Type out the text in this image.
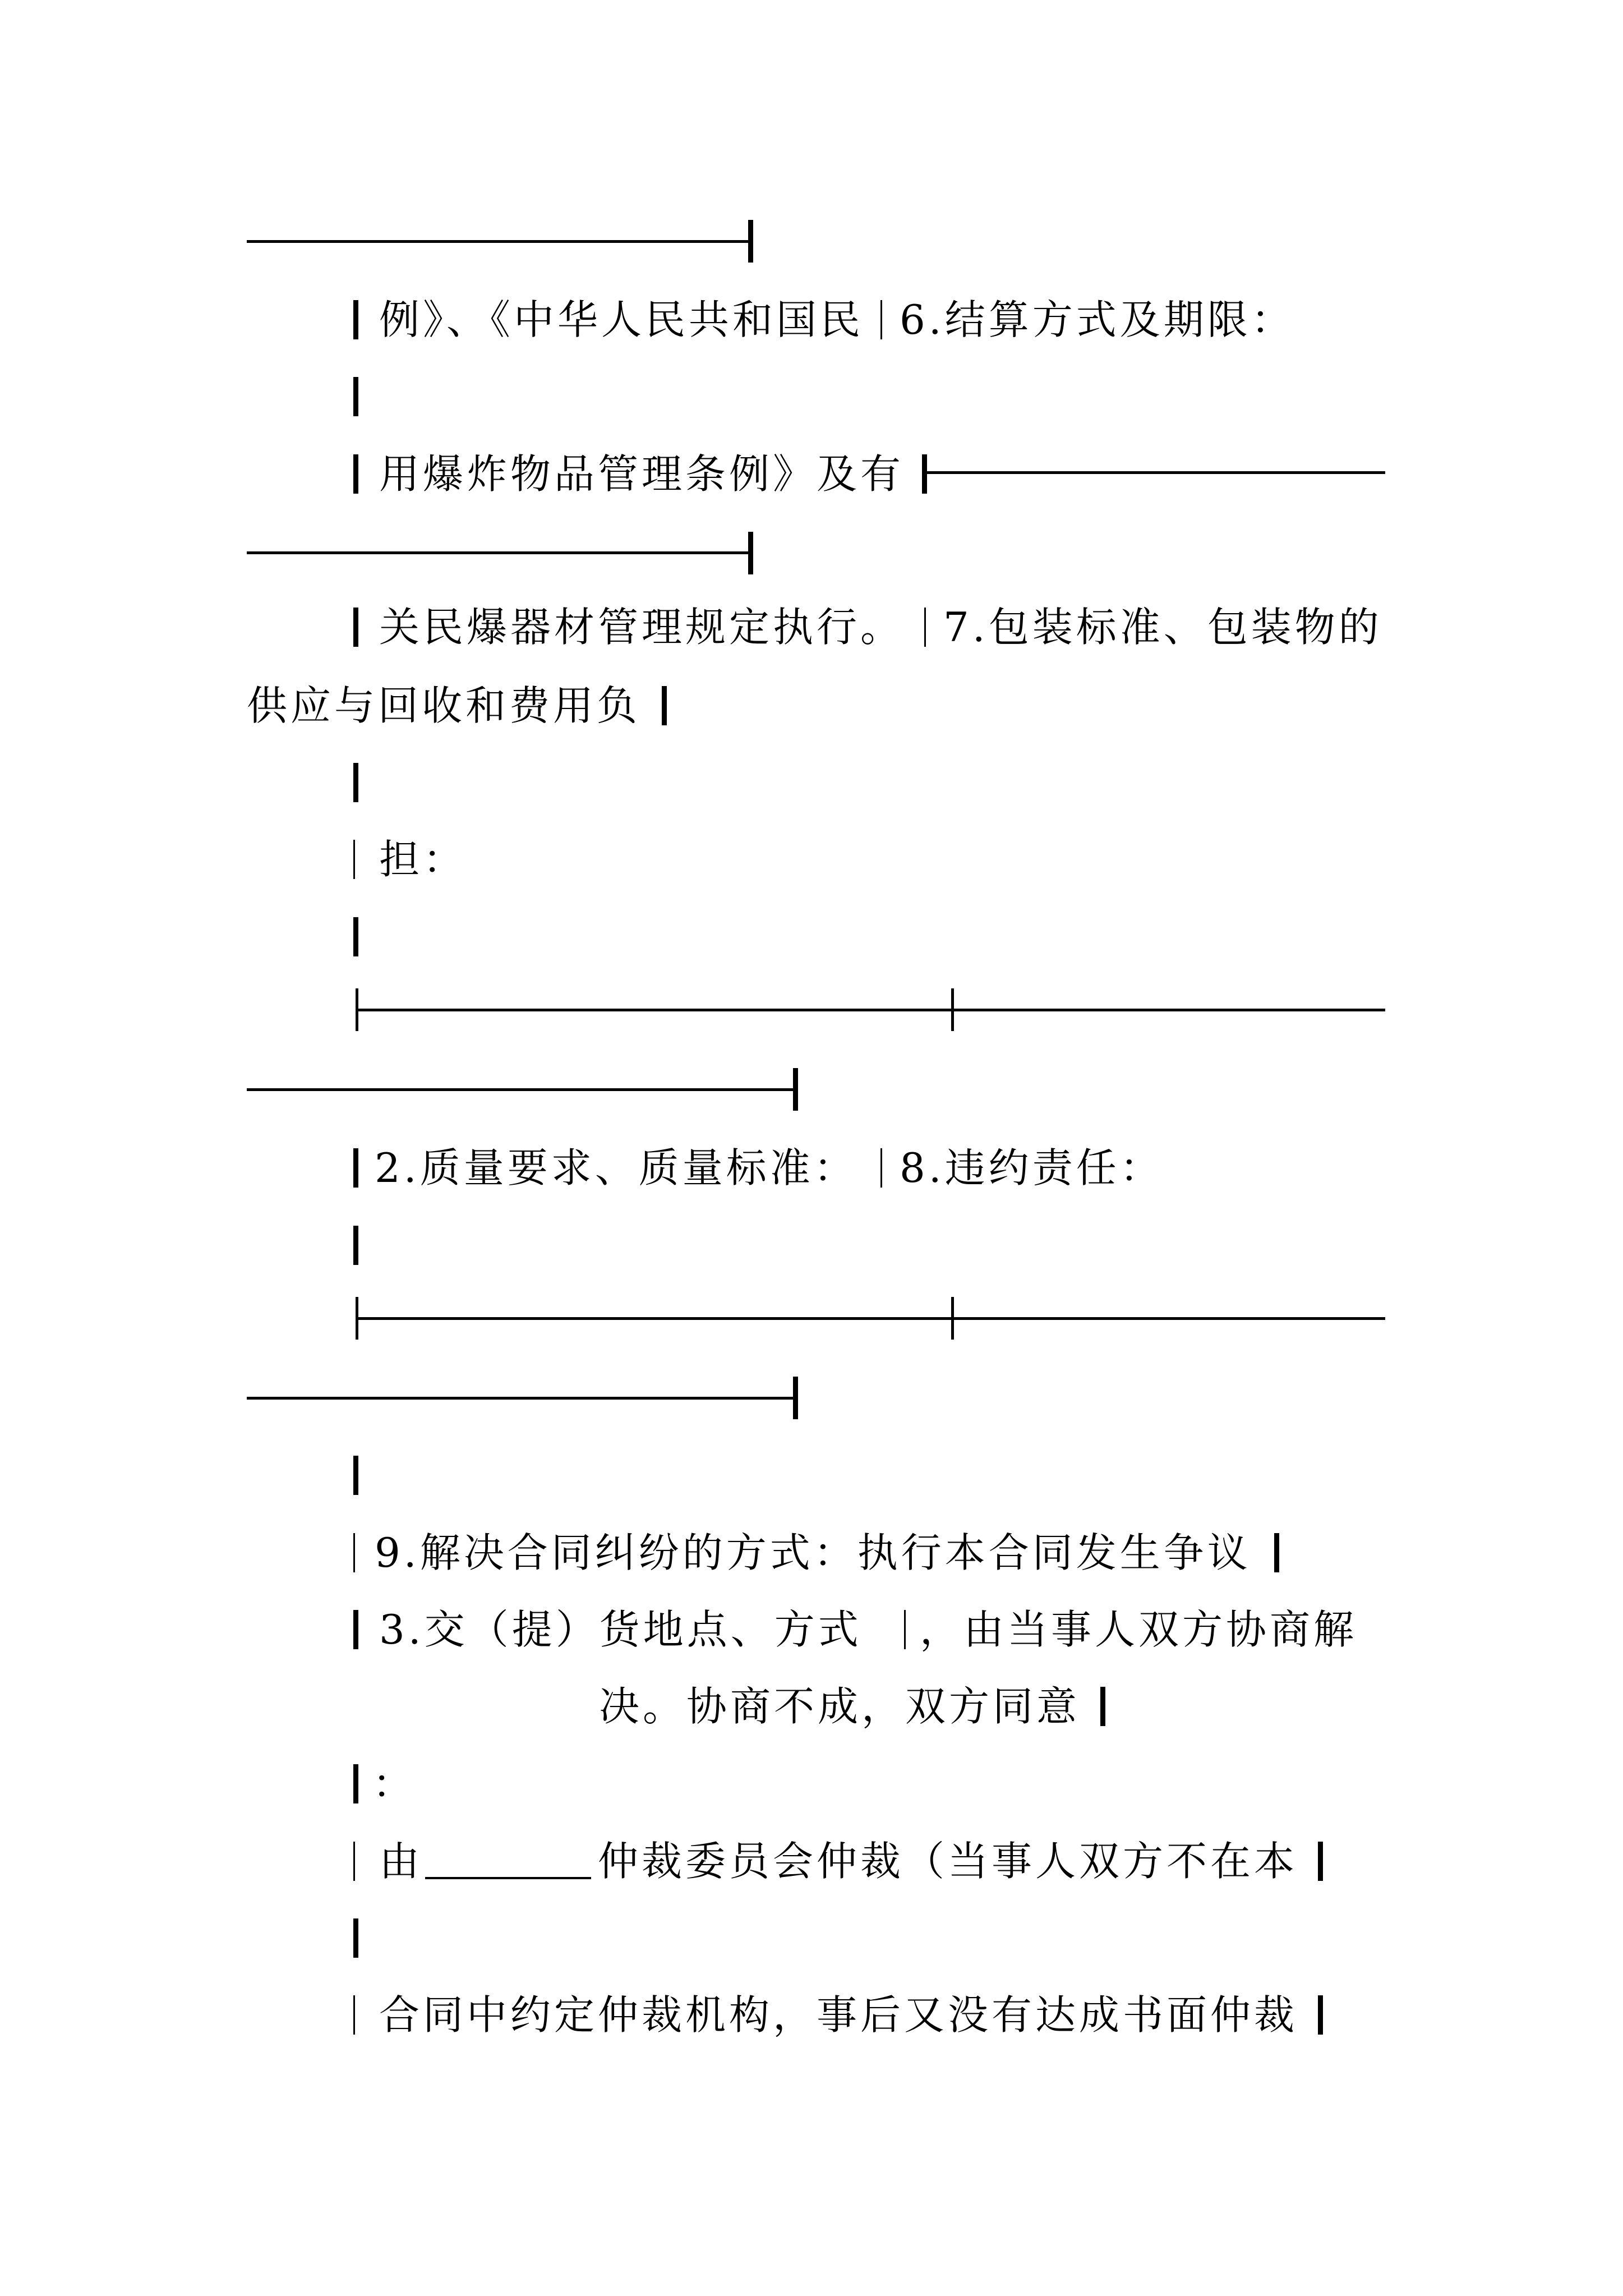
例》、《中华人民共和国民 6.结算方式及期限：
用爆炸物品管理条例》及有
关民爆器材管理规定执行。 7.包装标准、包装物的
供应与回收和费用负
担：
2.质量要求、质量标准： 8.违约责任：
9.解决合同纠纷的方式：执行本合同发生争议
3.交（提）货地点、方式 ，由当事人双方协商解
决。协商不成，双方同意
：
由	仲裁委员会仲裁（当事人双方不在本
合同中约定仲裁机构，事后又没有达成书面仲裁
